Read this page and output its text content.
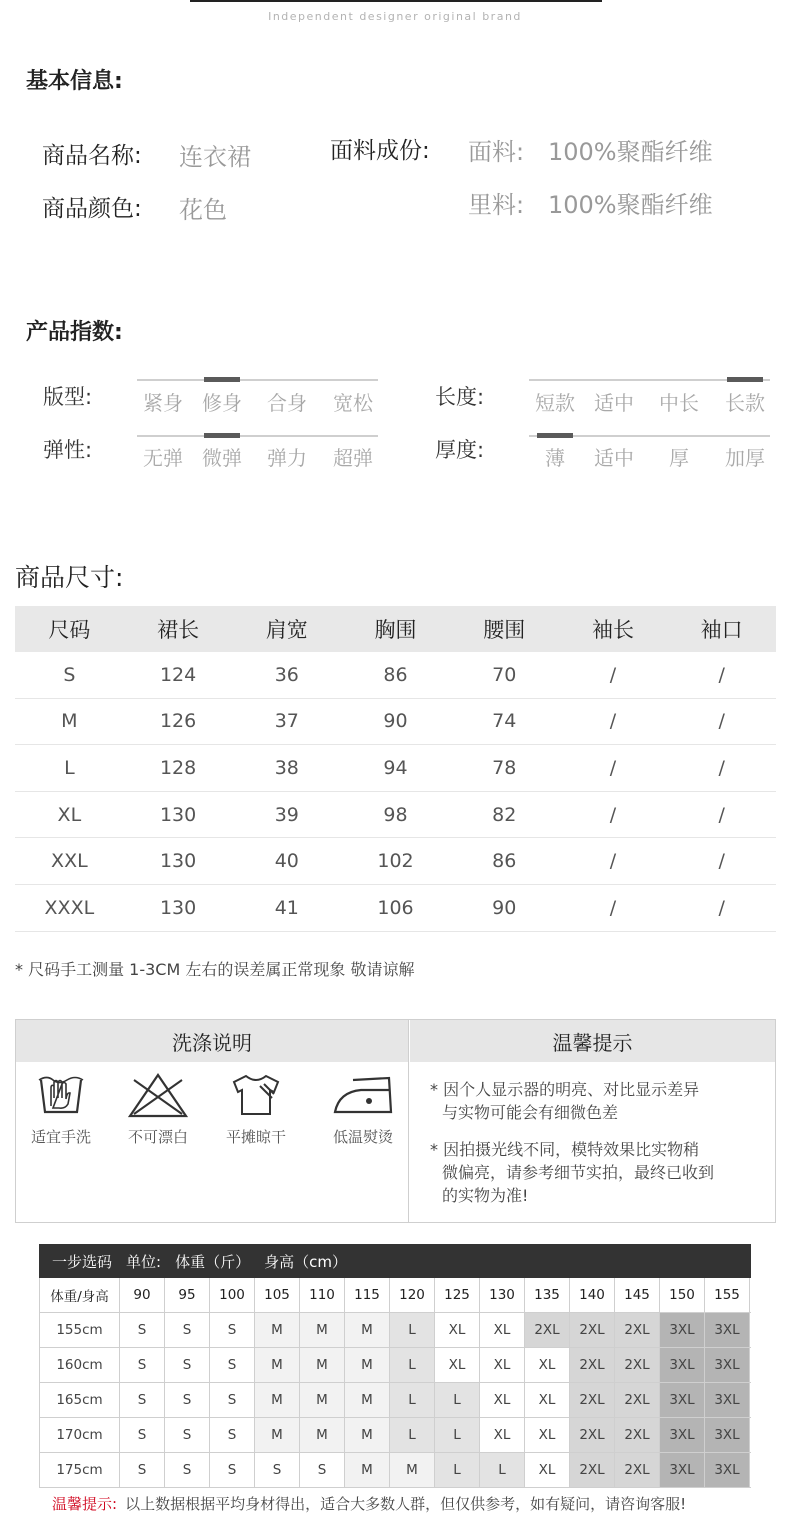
Independent designer original brand
基本信息:
商品名称: 连衣裙
商品颜色: 花色
面料成份: 面料: 100%聚酯纤维
里料: 100%聚酯纤维
产品指数:
版型:	紧身 修身	合身	宽松
弹性:	无弹 微弹	弹力	超弹
长度:	短款 适中	中长	长款
厚度:	薄	适中	厚	加厚
商品尺寸:
尺码	裙长	肩宽	胸围	腰围	袖长	袖口
S	124	36	86	70	/	/
M	126	37	90	74	/	/
L	128	38	94	78	/	/
XL	130	39	98	82	/	/
XXL	130	40	102	86	/	/
XXXL	130	41	106	90	/	/
* 尺码手工测量 1-3CM 左右的误差属正常现象 敬请谅解
洗涤说明
适宜手洗	不可漂白	平摊晾干	低温熨烫
温馨提示
* 因个人显示器的明亮、对比显示差异
与实物可能会有细微色差
* 因拍摄光线不同，模特效果比实物稍
微偏亮，请参考细节实拍，最终已收到
的实物为准!
一步选码 单位: 体重（斤） 身高（cm）
体重/身高	90	95	100	105	110	115	120	125	130	135	140	145	150	155
155cm	S	S	S	M	M	M	L	XL	XL	2XL	2XL	2XL	3XL	3XL
160cm	S	S	S	M	M	M	L	XL	XL	XL	2XL	2XL	3XL	3XL
165cm	S	S	S	M	M	M	L	L	XL	XL	2XL	2XL	3XL	3XL
170cm	S	S	S	M	M	M	L	L	XL	XL	2XL	2XL	3XL	3XL
175cm	S	S	S	S	S	M	M	L	L	XL	2XL	2XL	3XL	3XL
温馨提示: 以上数据根据平均身材得出，适合大多数人群，但仅供参考，如有疑问，请咨询客服!
